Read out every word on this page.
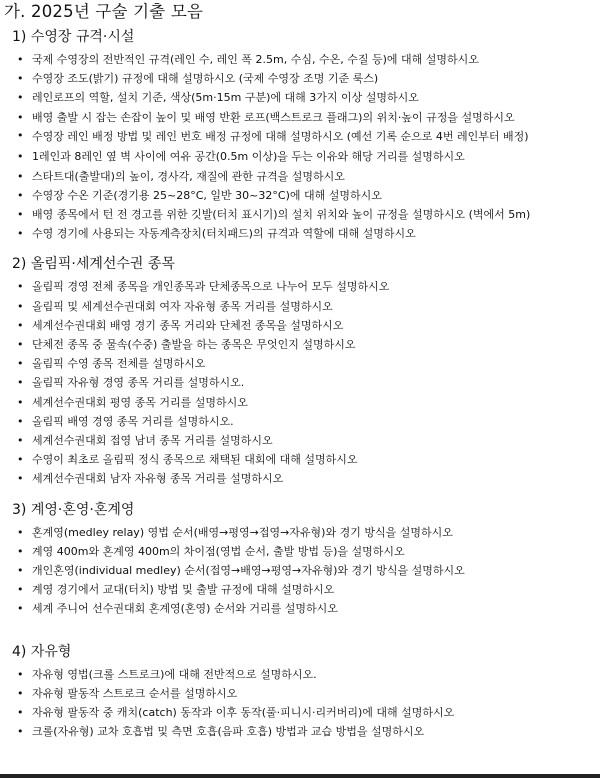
가. 2025년 구술 기출 모음
1) 수영장 규격·시설
• 국제 수영장의 전반적인 규격(레인 수, 레인 폭 2.5m, 수심, 수온, 수질 등)에 대해 설명하시오
• 수영장 조도(밝기) 규정에 대해 설명하시오 (국제 수영장 조명 기준 룩스)
• 레인로프의 역할, 설치 기준, 색상(5m·15m 구분)에 대해 3가지 이상 설명하시오
• 배영 출발 시 잡는 손잡이 높이 및 배영 반환 로프(백스트로크 플래그)의 위치·높이 규정을 설명하시오
• 수영장 레인 배정 방법 및 레인 번호 배정 규정에 대해 설명하시오 (예선 기록 순으로 4번 레인부터 배정)
• 1레인과 8레인 옆 벽 사이에 여유 공간(0.5m 이상)을 두는 이유와 해당 거리를 설명하시오
• 스타트대(출발대)의 높이, 경사각, 재질에 관한 규격을 설명하시오
• 수영장 수온 기준(경기용 25~28°C, 일반 30~32°C)에 대해 설명하시오
• 배영 종목에서 턴 전 경고를 위한 깃발(터치 표시기)의 설치 위치와 높이 규정을 설명하시오 (벽에서 5m)
• 수영 경기에 사용되는 자동계측장치(터치패드)의 규격과 역할에 대해 설명하시오
2) 올림픽·세계선수권 종목
• 올림픽 경영 전체 종목을 개인종목과 단체종목으로 나누어 모두 설명하시오
• 올림픽 및 세계선수권대회 여자 자유형 종목 거리를 설명하시오
• 세계선수권대회 배영 경기 종목 거리와 단체전 종목을 설명하시오
• 단체전 종목 중 물속(수중) 출발을 하는 종목은 무엇인지 설명하시오
• 올림픽 수영 종목 전체를 설명하시오
• 올림픽 자유형 경영 종목 거리를 설명하시오.
• 세계선수권대회 평영 종목 거리를 설명하시오
• 올림픽 배영 경영 종목 거리를 설명하시오.
• 세계선수권대회 접영 남녀 종목 거리를 설명하시오
• 수영이 최초로 올림픽 정식 종목으로 채택된 대회에 대해 설명하시오
• 세계선수권대회 남자 자유형 종목 거리를 설명하시오
3) 계영·혼영·혼계영
• 혼계영(medley relay) 영법 순서(배영→평영→접영→자유형)와 경기 방식을 설명하시오
• 계영 400m와 혼계영 400m의 차이점(영법 순서, 출발 방법 등)을 설명하시오
• 개인혼영(individual medley) 순서(접영→배영→평영→자유형)와 경기 방식을 설명하시오
• 계영 경기에서 교대(터치) 방법 및 출발 규정에 대해 설명하시오
• 세계 주니어 선수권대회 혼계영(혼영) 순서와 거리를 설명하시오
4) 자유형
• 자유형 영법(크롤 스트로크)에 대해 전반적으로 설명하시오.
• 자유형 팔동작 스트로크 순서를 설명하시오
• 자유형 팔동작 중 캐치(catch) 동작과 이후 동작(풀·피니시·리커버리)에 대해 설명하시오
• 크롤(자유형) 교차 호흡법 및 측면 호흡(음파 호흡) 방법과 교습 방법을 설명하시오
